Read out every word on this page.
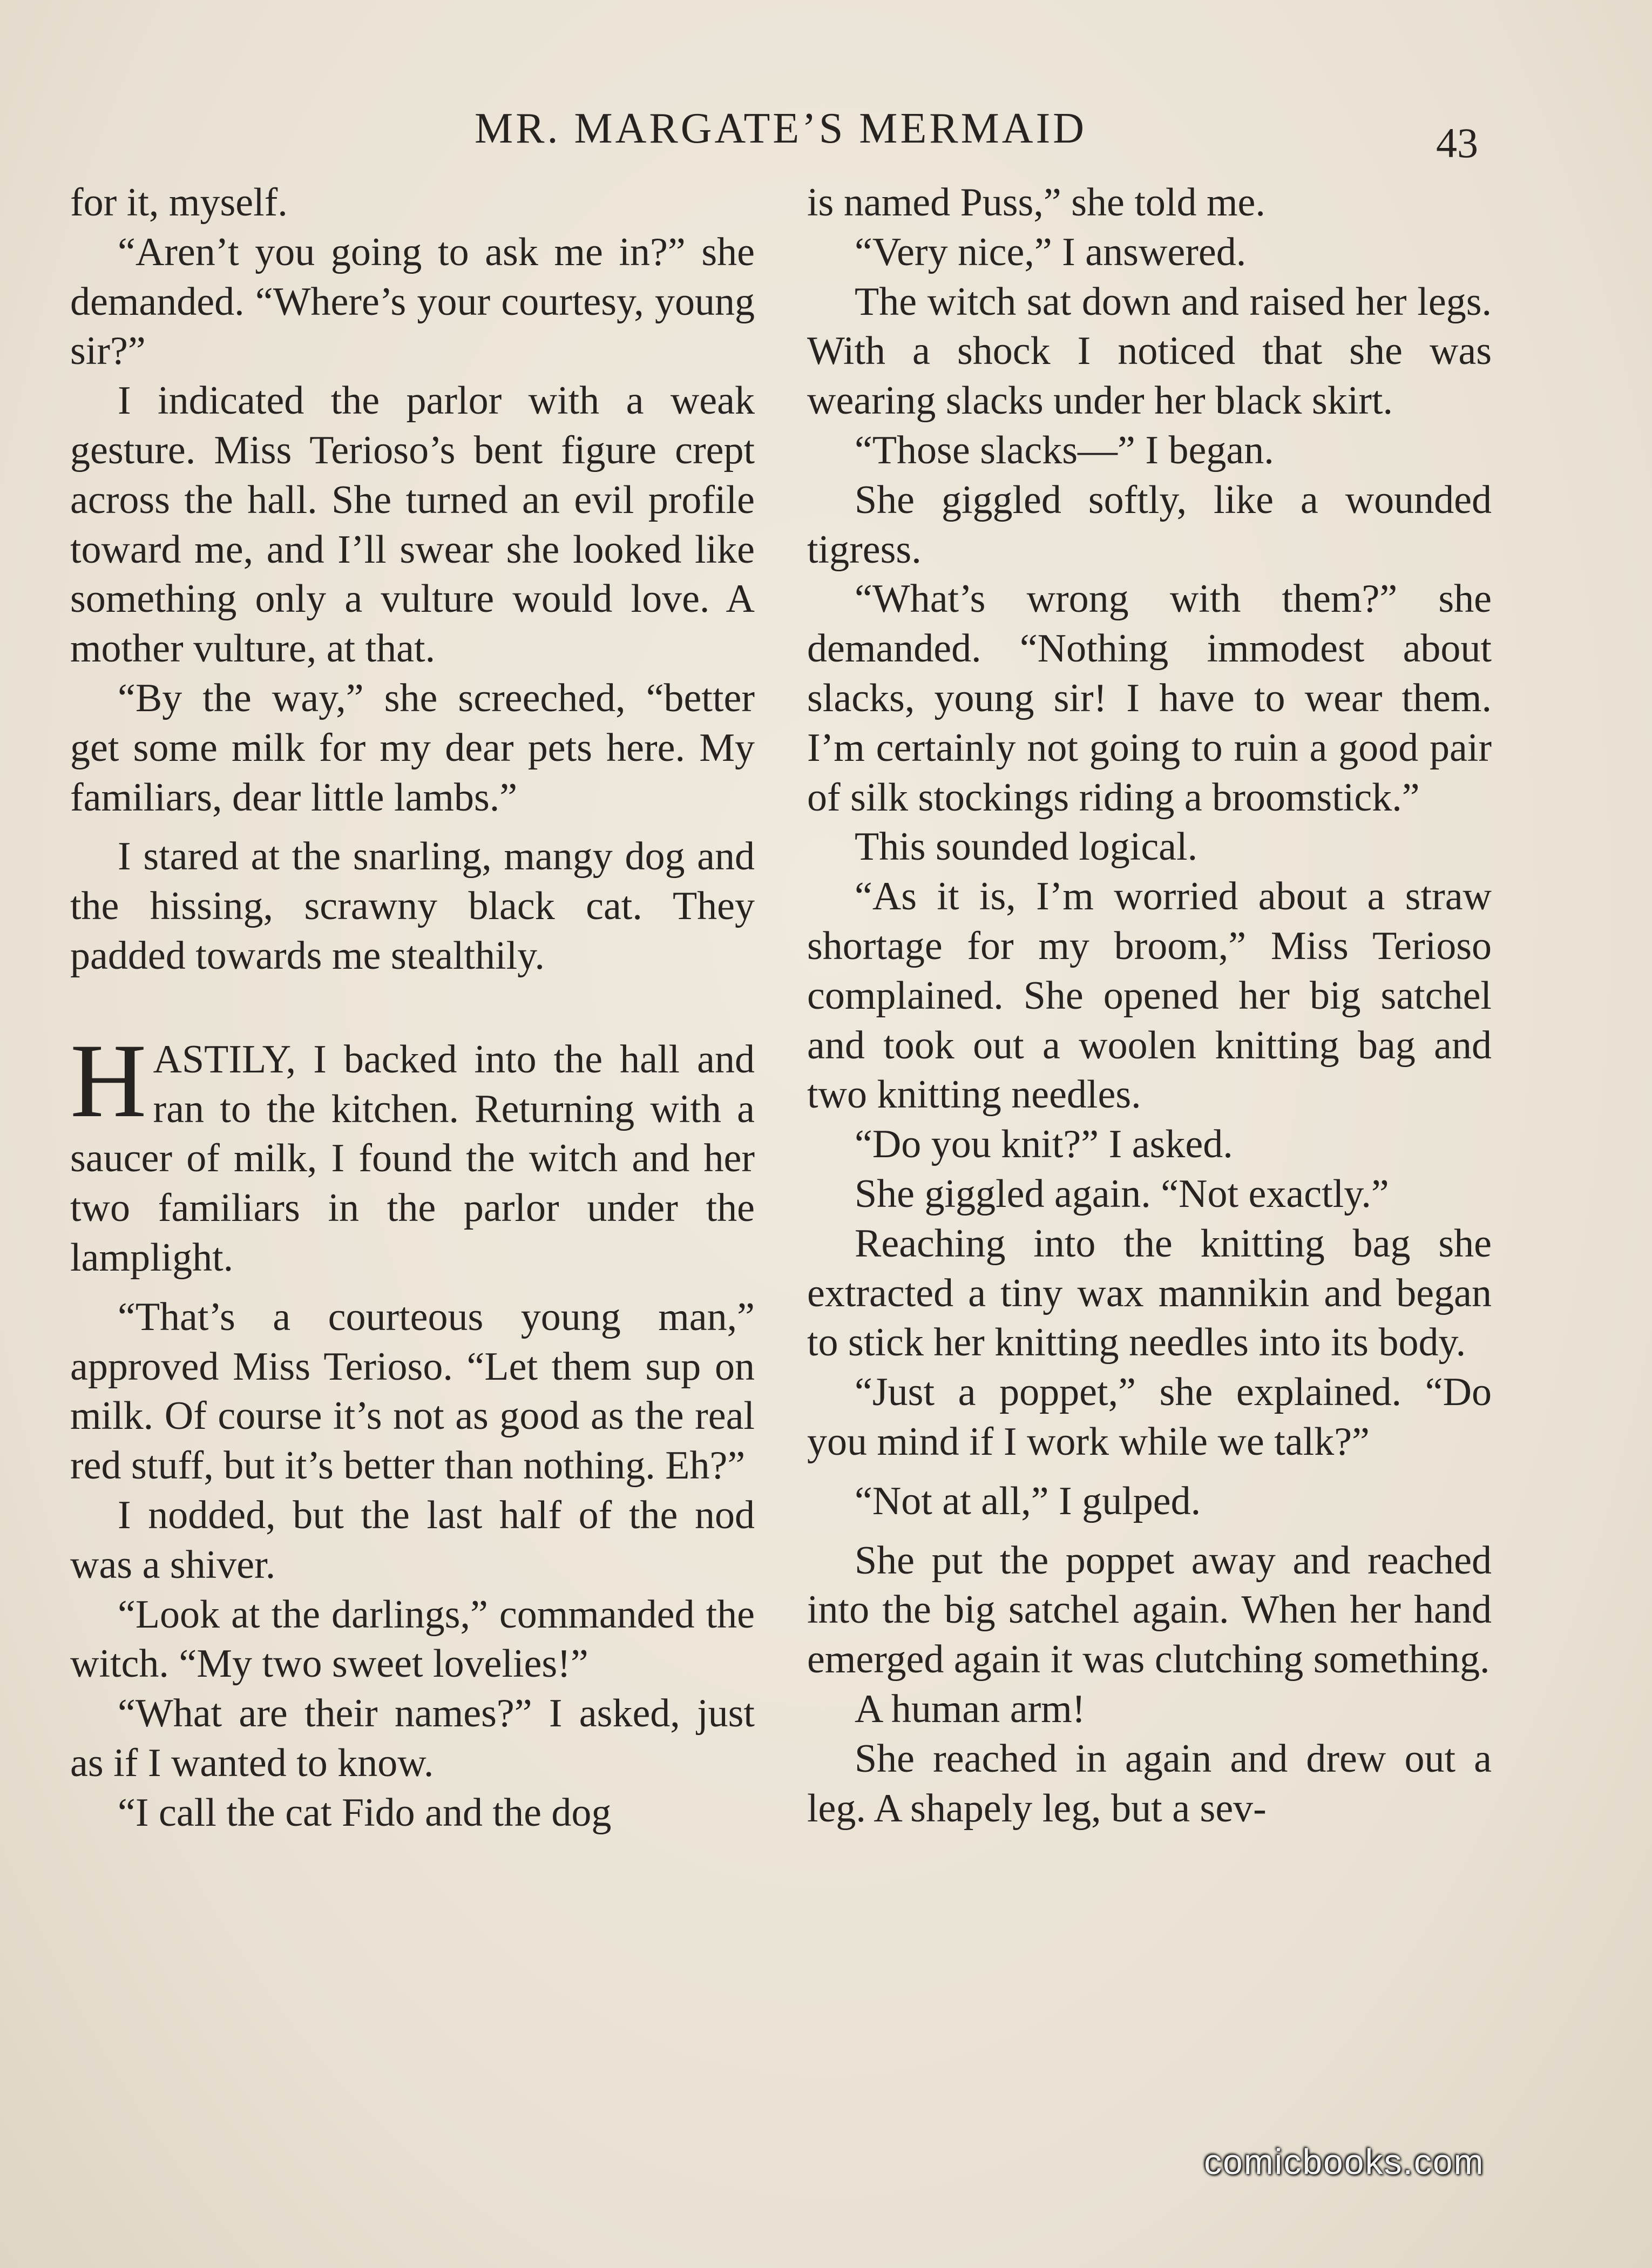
MR. MARGATE’S MERMAID	43

for it, myself.

“Aren’t you going to ask me in?” she demanded. “Where’s your courtesy, young sir?”

I indicated the parlor with a weak gesture. Miss Terioso’s bent figure crept across the hall. She turned an evil profile toward me, and I’ll swear she looked like something only a vulture would love. A mother vulture, at that.

“By the way,” she screeched, “better get some milk for my dear pets here. My familiars, dear little lambs.”

I stared at the snarling, mangy dog and the hissing, scrawny black cat. They padded towards me stealthily.

HASTILY, I backed into the hall and ran to the kitchen. Returning with a saucer of milk, I found the witch and her two familiars in the parlor under the lamplight.

“That’s a courteous young man,” approved Miss Terioso. “Let them sup on milk. Of course it’s not as good as the real red stuff, but it’s better than nothing. Eh?”

I nodded, but the last half of the nod was a shiver.

“Look at the darlings,” commanded the witch. “My two sweet lovelies!”

“What are their names?” I asked, just as if I wanted to know.

“I call the cat Fido and the dog

is named Puss,” she told me.

“Very nice,” I answered.

The witch sat down and raised her legs. With a shock I noticed that she was wearing slacks under her black skirt.

“Those slacks—” I began.

She giggled softly, like a wounded tigress.

“What’s wrong with them?” she demanded. “Nothing immodest about slacks, young sir! I have to wear them. I’m certainly not going to ruin a good pair of silk stockings riding a broomstick.”

This sounded logical.

“As it is, I’m worried about a straw shortage for my broom,” Miss Terioso complained. She opened her big satchel and took out a woolen knitting bag and two knitting needles.

“Do you knit?” I asked.

She giggled again. “Not exactly.”

Reaching into the knitting bag she extracted a tiny wax mannikin and began to stick her knitting needles into its body.

“Just a poppet,” she explained. “Do you mind if I work while we talk?”

“Not at all,” I gulped.

She put the poppet away and reached into the big satchel again. When her hand emerged again it was clutching something.

A human arm!

She reached in again and drew out a leg. A shapely leg, but a sev-

comicbooks.com
